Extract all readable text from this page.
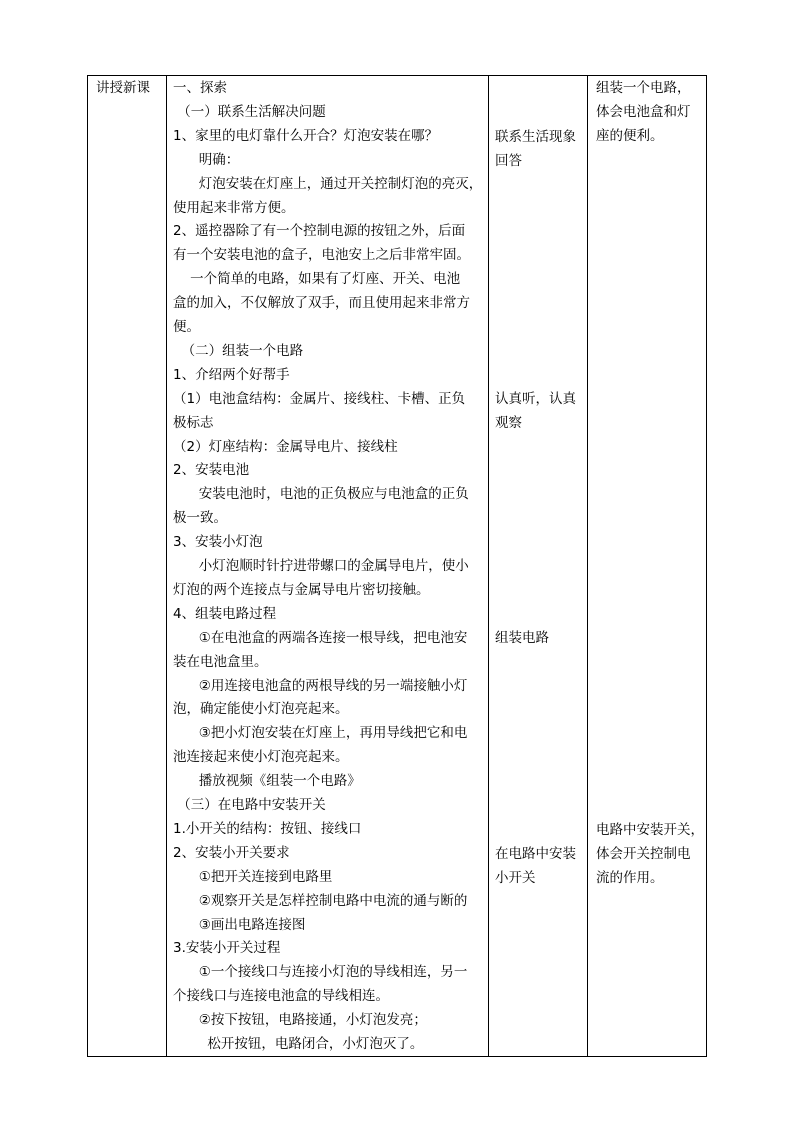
讲授新课 一、探索
（一）联系生活解决问题
1、家里的电灯靠什么开合？灯泡安装在哪？
明确：
灯泡安装在灯座上，通过开关控制灯泡的亮灭，
使用起来非常方便。
2、遥控器除了有一个控制电源的按钮之外，后面
有一个安装电池的盒子，电池安上之后非常牢固。
一个简单的电路，如果有了灯座、开关、电池
盒的加入，不仅解放了双手，而且使用起来非常方
便。
（二）组装一个电路
1、介绍两个好帮手
（1）电池盒结构：金属片、接线柱、卡槽、正负
极标志
（2）灯座结构：金属导电片、接线柱
2、安装电池
安装电池时，电池的正负极应与电池盒的正负
极一致。
3、安装小灯泡
小灯泡顺时针拧进带螺口的金属导电片，使小
灯泡的两个连接点与金属导电片密切接触。
4、组装电路过程
①在电池盒的两端各连接一根导线，把电池安
装在电池盒里。
②用连接电池盒的两根导线的另一端接触小灯
泡，确定能使小灯泡亮起来。
③把小灯泡安装在灯座上，再用导线把它和电
池连接起来使小灯泡亮起来。
播放视频《组装一个电路》
（三）在电路中安装开关
1.小开关的结构：按钮、接线口
2、安装小开关要求
①把开关连接到电路里
②观察开关是怎样控制电路中电流的通与断的
③画出电路连接图
3.安装小开关过程
①一个接线口与连接小灯泡的导线相连，另一
个接线口与连接电池盒的导线相连。
②按下按钮，电路接通，小灯泡发亮；
松开按钮，电路闭合，小灯泡灭了。
联系生活现象
回答
认真听，认真
观察
组装电路
在电路中安装
小开关
组装一个电路，
体会电池盒和灯
座的便利。
电路中安装开关，
体会开关控制电
流的作用。
